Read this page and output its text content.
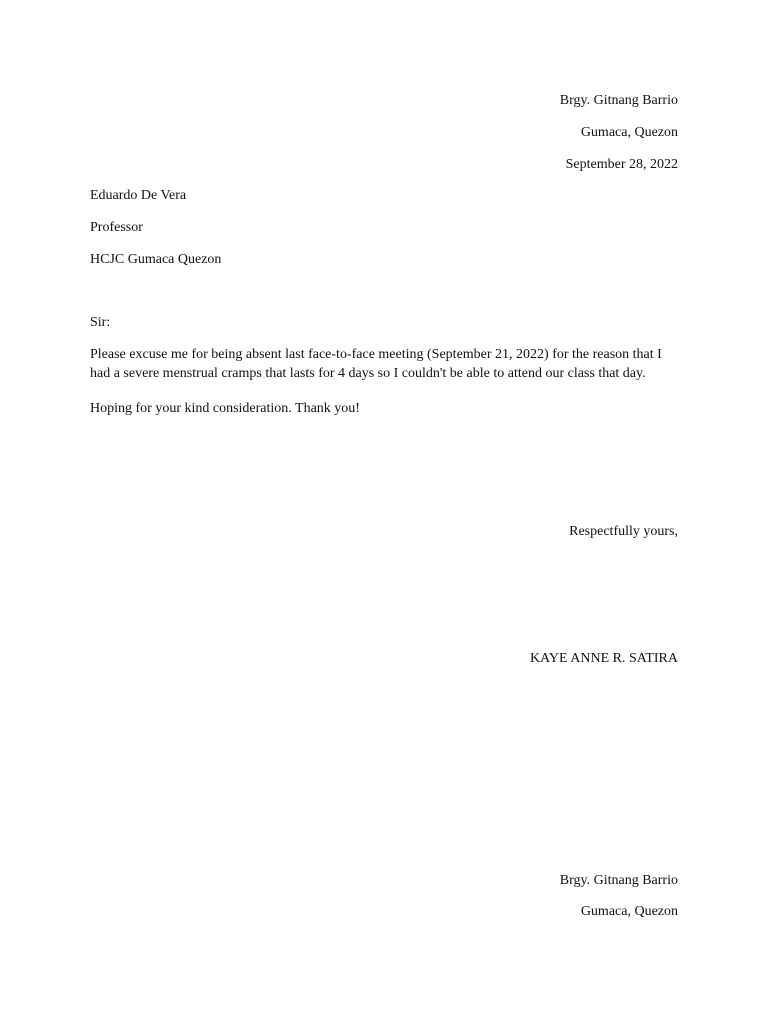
Brgy. Gitnang Barrio
Gumaca, Quezon
September 28, 2022
Eduardo De Vera
Professor
HCJC Gumaca Quezon
Sir:
Please excuse me for being absent last face-to-face meeting (September 21, 2022) for the reason that I had a severe menstrual cramps that lasts for 4 days so I couldn't be able to attend our class that day.
Hoping for your kind consideration. Thank you!
Respectfully yours,
KAYE ANNE R. SATIRA
Brgy. Gitnang Barrio
Gumaca, Quezon
